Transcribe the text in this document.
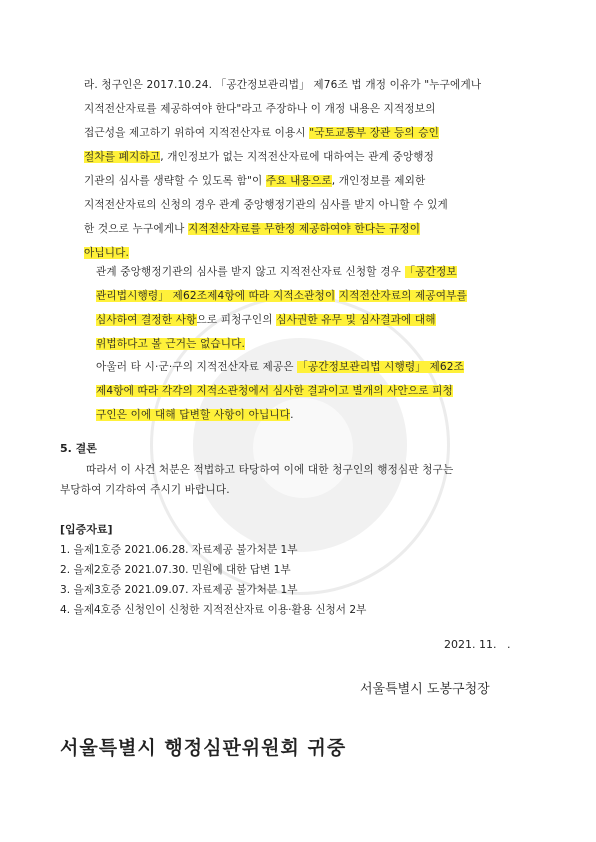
라. 청구인은 2017.10.24. 「공간정보관리법」 제76조 법 개정 이유가 "누구에게나
지적전산자료를 제공하여야 한다"라고 주장하나 이 개정 내용은 지적정보의
접근성을 제고하기 위하여 지적전산자료 이용시 "국토교통부 장관 등의 승인
절차를 폐지하고, 개인정보가 없는 지적전산자료에 대하여는 관계 중앙행정
기관의 심사를 생략할 수 있도록 함"이 주요 내용으로, 개인정보를 제외한
지적전산자료의 신청의 경우 관계 중앙행정기관의 심사를 받지 아니할 수 있게
한 것으로 누구에게나 지적전산자료를 무한정 제공하여야 한다는 규정이
아닙니다.
관계 중앙행정기관의 심사를 받지 않고 지적전산자료 신청할 경우 「공간정보
관리법시행령」 제62조제4항에 따라 지적소관청이 지적전산자료의 제공여부를
심사하여 결정한 사항으로 피청구인의 심사권한 유무 및 심사결과에 대해
위법하다고 볼 근거는 없습니다.
아울러 타 시·군·구의 지적전산자료 제공은 「공간정보관리법 시행령」 제62조
제4항에 따라 각각의 지적소관청에서 심사한 결과이고 별개의 사안으로 피청
구인은 이에 대해 답변할 사항이 아닙니다.
5. 결론
따라서 이 사건 처분은 적법하고 타당하여 이에 대한 청구인의 행정심판 청구는
부당하여 기각하여 주시기 바랍니다.
[입증자료]
1. 을제1호증 2021.06.28. 자료제공 불가처분 1부
2. 을제2호증 2021.07.30. 민원에 대한 답변 1부
3. 을제3호증 2021.09.07. 자료제공 불가처분 1부
4. 을제4호증 신청인이 신청한 지적전산자료 이용·활용 신청서 2부
2021. 11.   .
서울특별시 도봉구청장
서울특별시 행정심판위원회 귀중
